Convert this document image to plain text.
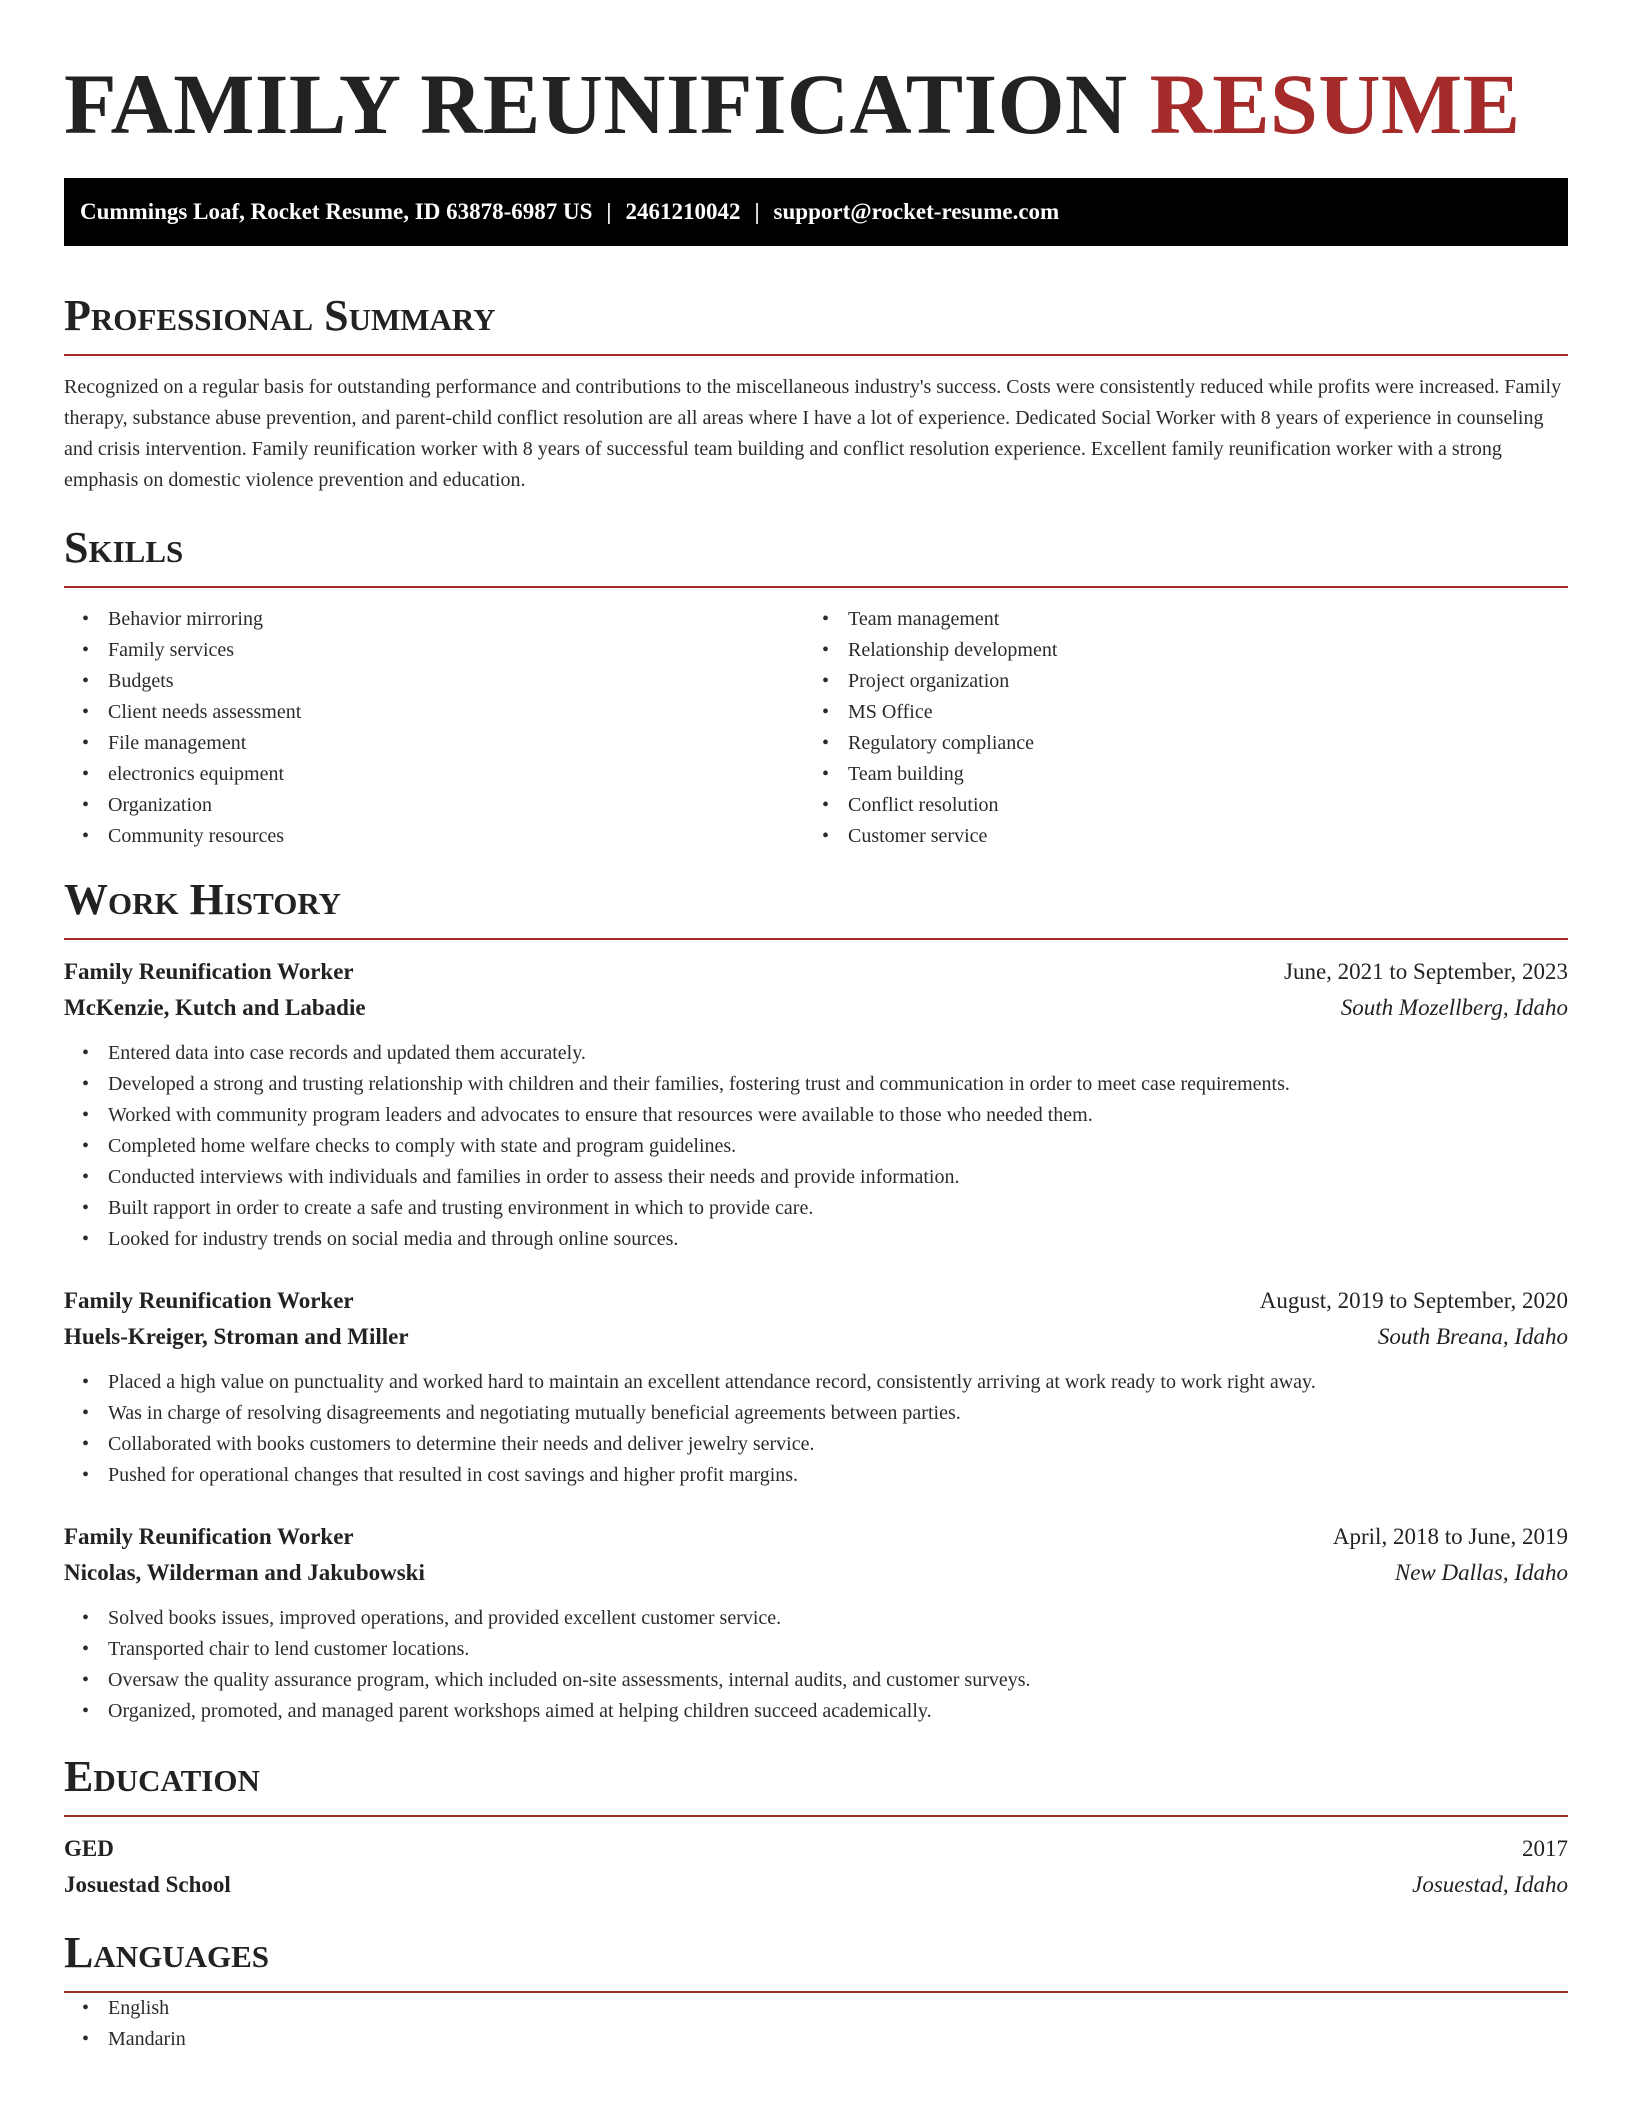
FAMILY REUNIFICATION RESUME
Cummings Loaf, Rocket Resume, ID 63878-6987 US | 2461210042 | support@rocket-resume.com
Professional Summary

Recognized on a regular basis for outstanding performance and contributions to the miscellaneous industry's success. Costs were consistently reduced while profits were increased. Family therapy, substance abuse prevention, and parent-child conflict resolution are all areas where I have a lot of experience. Dedicated Social Worker with 8 years of experience in counseling and crisis intervention. Family reunification worker with 8 years of successful team building and conflict resolution experience. Excellent family reunification worker with a strong emphasis on domestic violence prevention and education.

Skills
• Behavior mirroring
• Family services
• Budgets
• Client needs assessment
• File management
• electronics equipment
• Organization
• Community resources
• Team management
• Relationship development
• Project organization
• MS Office
• Regulatory compliance
• Team building
• Conflict resolution
• Customer service
Work History
Family Reunification Worker	June, 2021 to September, 2023
McKenzie, Kutch and Labadie	South Mozellberg, Idaho
• Entered data into case records and updated them accurately.
• Developed a strong and trusting relationship with children and their families, fostering trust and communication in order to meet case requirements.
• Worked with community program leaders and advocates to ensure that resources were available to those who needed them.
• Completed home welfare checks to comply with state and program guidelines.
• Conducted interviews with individuals and families in order to assess their needs and provide information.
• Built rapport in order to create a safe and trusting environment in which to provide care.
• Looked for industry trends on social media and through online sources.
Family Reunification Worker	August, 2019 to September, 2020
Huels-Kreiger, Stroman and Miller	South Breana, Idaho
• Placed a high value on punctuality and worked hard to maintain an excellent attendance record, consistently arriving at work ready to work right away.
• Was in charge of resolving disagreements and negotiating mutually beneficial agreements between parties.
• Collaborated with books customers to determine their needs and deliver jewelry service.
• Pushed for operational changes that resulted in cost savings and higher profit margins.
Family Reunification Worker	April, 2018 to June, 2019
Nicolas, Wilderman and Jakubowski	New Dallas, Idaho
• Solved books issues, improved operations, and provided excellent customer service.
• Transported chair to lend customer locations.
• Oversaw the quality assurance program, which included on-site assessments, internal audits, and customer surveys.
• Organized, promoted, and managed parent workshops aimed at helping children succeed academically.
Education
GED	2017
Josuestad School	Josuestad, Idaho
Languages
• English
• Mandarin
